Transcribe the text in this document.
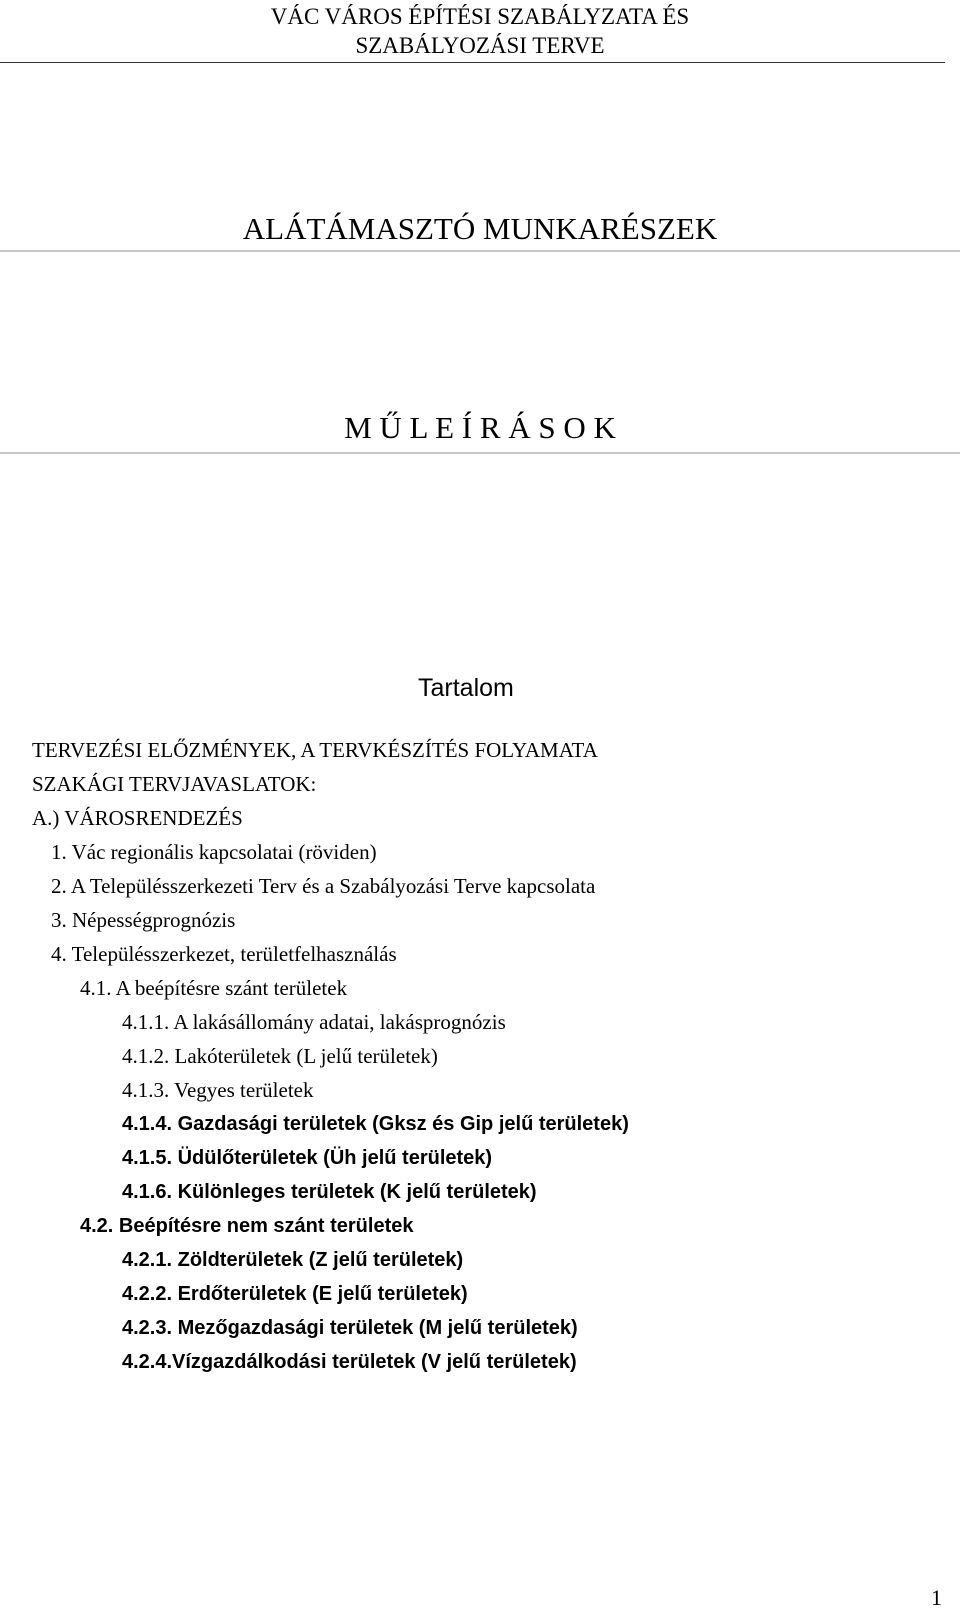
VÁC VÁROS ÉPÍTÉSI SZABÁLYZATA ÉS
SZABÁLYOZÁSI TERVE
ALÁTÁMASZTÓ MUNKARÉSZEK
M Ű L E Í R Á S O K
Tartalom
TERVEZÉSI ELŐZMÉNYEK, A TERVKÉSZÍTÉS FOLYAMATA
SZAKÁGI TERVJAVASLATOK:
A.) VÁROSRENDEZÉS
1. Vác regionális kapcsolatai (röviden)
2. A Településszerkezeti Terv és a Szabályozási Terve kapcsolata
3. Népességprognózis
4. Településszerkezet, területfelhasználás
4.1. A beépítésre szánt területek
4.1.1. A lakásállomány adatai, lakásprognózis
4.1.2. Lakóterületek (L jelű területek)
4.1.3. Vegyes területek
4.1.4. Gazdasági területek (Gksz és Gip jelű területek)
4.1.5. Üdülőterületek (Üh jelű területek)
4.1.6. Különleges területek (K jelű területek)
4.2. Beépítésre nem szánt területek
4.2.1. Zöldterületek (Z jelű területek)
4.2.2. Erdőterületek (E jelű területek)
4.2.3. Mezőgazdasági területek (M jelű területek)
4.2.4.Vízgazdálkodási területek (V jelű területek)
1
